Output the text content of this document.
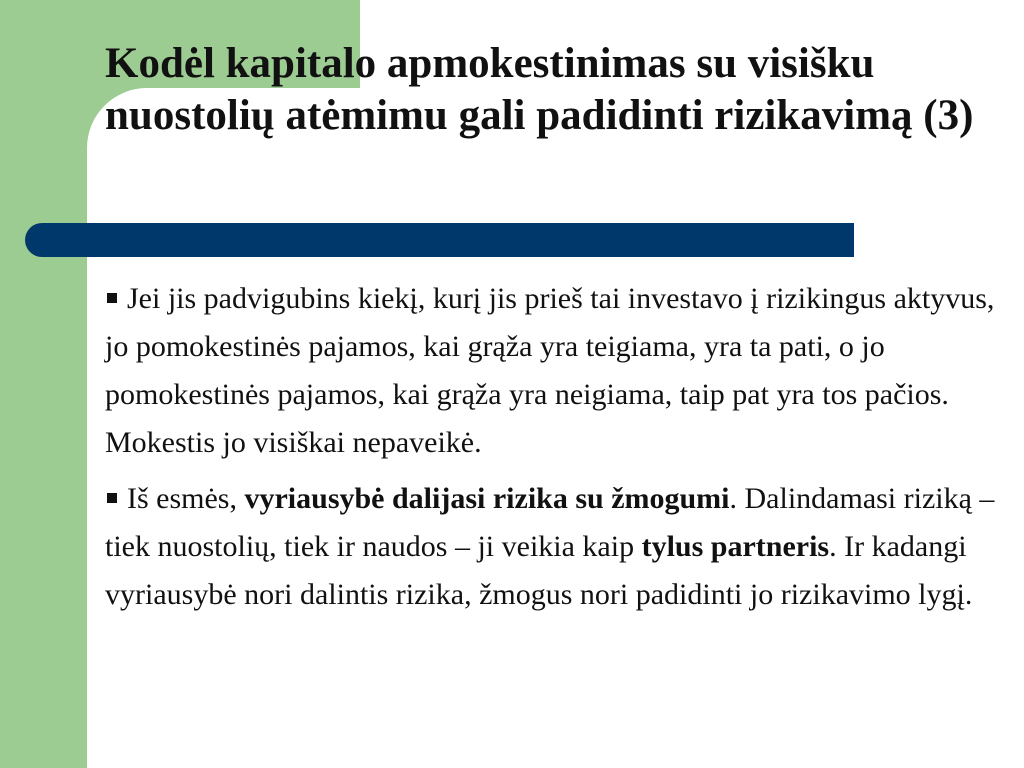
Kodėl kapitalo apmokestinimas su visišku nuostolių atėmimu gali padidinti rizikavimą (3)

Jei jis padvigubins kiekį, kurį jis prieš tai investavo į rizikingus aktyvus, jo pomokestinės pajamos, kai grąža yra teigiama, yra ta pati, o jo pomokestinės pajamos, kai grąža yra neigiama, taip pat yra tos pačios. Mokestis jo visiškai nepaveikė.

Iš esmės, vyriausybė dalijasi rizika su žmogumi. Dalindamasi riziką – tiek nuostolių, tiek ir naudos – ji veikia kaip tylus partneris. Ir kadangi vyriausybė nori dalintis rizika, žmogus nori padidinti jo rizikavimo lygį.
